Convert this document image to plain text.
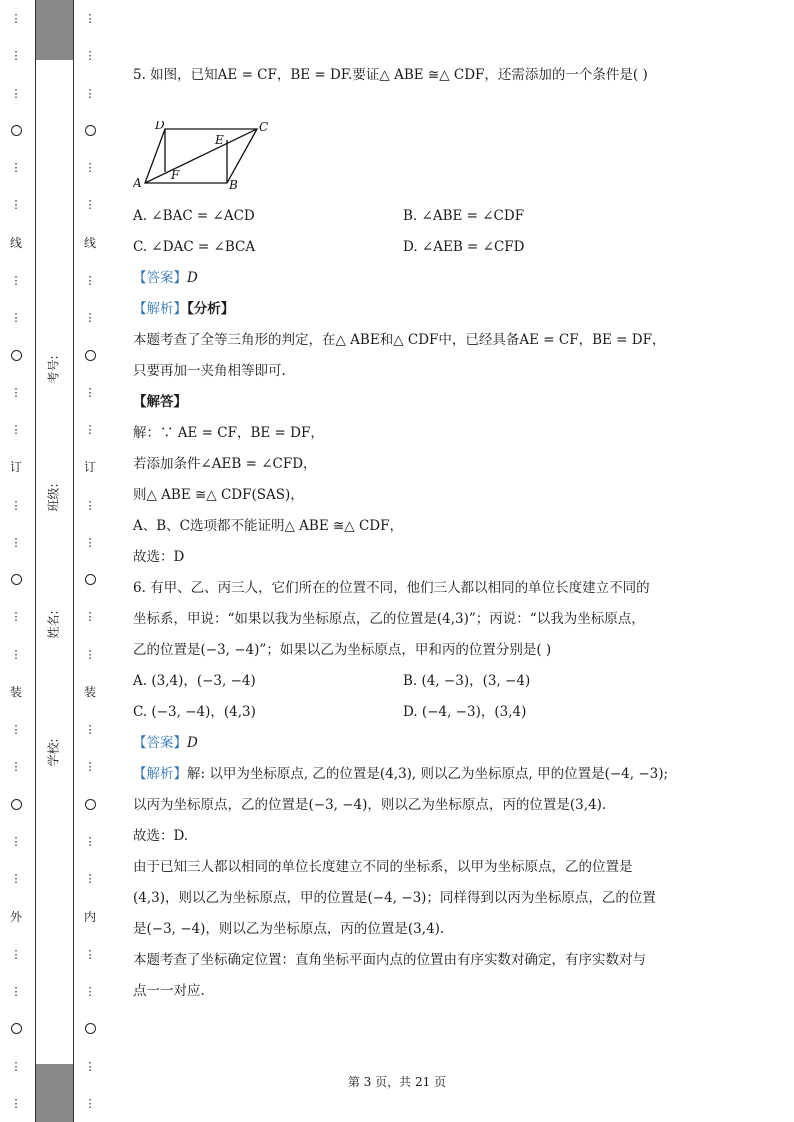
⋮
⋮
⋮
⋮
⋮
线
⋮
⋮
⋮
⋮
订
⋮
⋮
⋮
⋮
装
⋮
⋮
⋮
⋮
外
⋮
⋮
⋮
⋮
学校:
姓名:
班级:
考号:
⋮
⋮
⋮
⋮
⋮
线
⋮
⋮
⋮
⋮
订
⋮
⋮
⋮
⋮
装
⋮
⋮
⋮
⋮
内
⋮
⋮
⋮
⋮

5. 如图，已知AE = CF，BE = DF.要证△ ABE ≅△ CDF，还需添加的一个条件是( )

A	B
C
D
E
F
A. ∠BAC = ∠ACD	B. ∠ABE = ∠CDF
C. ∠DAC = ∠BCA	D. ∠AEB = ∠CFD

【答案】D

【解析】【分析】

本题考查了全等三角形的判定，在△ ABE和△ CDF中，已经具备AE = CF，BE = DF，

只要再加一夹角相等即可.

【解答】

解：∵ AE = CF，BE = DF，

若添加条件∠AEB = ∠CFD，

则△ ABE ≅△ CDF(SAS)，

A、B、C选项都不能证明△ ABE ≅△ CDF，

故选：D

6. 有甲、乙、丙三人，它们所在的位置不同，他们三人都以相同的单位长度建立不同的

坐标系，甲说：“如果以我为坐标原点，乙的位置是(4,3)”；丙说：“以我为坐标原点，

乙的位置是(−3, −4)”；如果以乙为坐标原点，甲和丙的位置分别是( )

A. (3,4)，(−3, −4)	B. (4, −3)，(3, −4)
C. (−3, −4)，(4,3)	D. (−4, −3)，(3,4)

【答案】D

【解析】解: 以甲为坐标原点, 乙的位置是(4,3), 则以乙为坐标原点, 甲的位置是(−4, −3);

以丙为坐标原点，乙的位置是(−3, −4)，则以乙为坐标原点，丙的位置是(3,4).

故选：D.

由于已知三人都以相同的单位长度建立不同的坐标系，以甲为坐标原点，乙的位置是

(4,3)，则以乙为坐标原点，甲的位置是(−4, −3)；同样得到以丙为坐标原点，乙的位置

是(−3, −4)，则以乙为坐标原点，丙的位置是(3,4).

本题考查了坐标确定位置：直角坐标平面内点的位置由有序实数对确定，有序实数对与

点一一对应.

第 3 页，共 21 页
